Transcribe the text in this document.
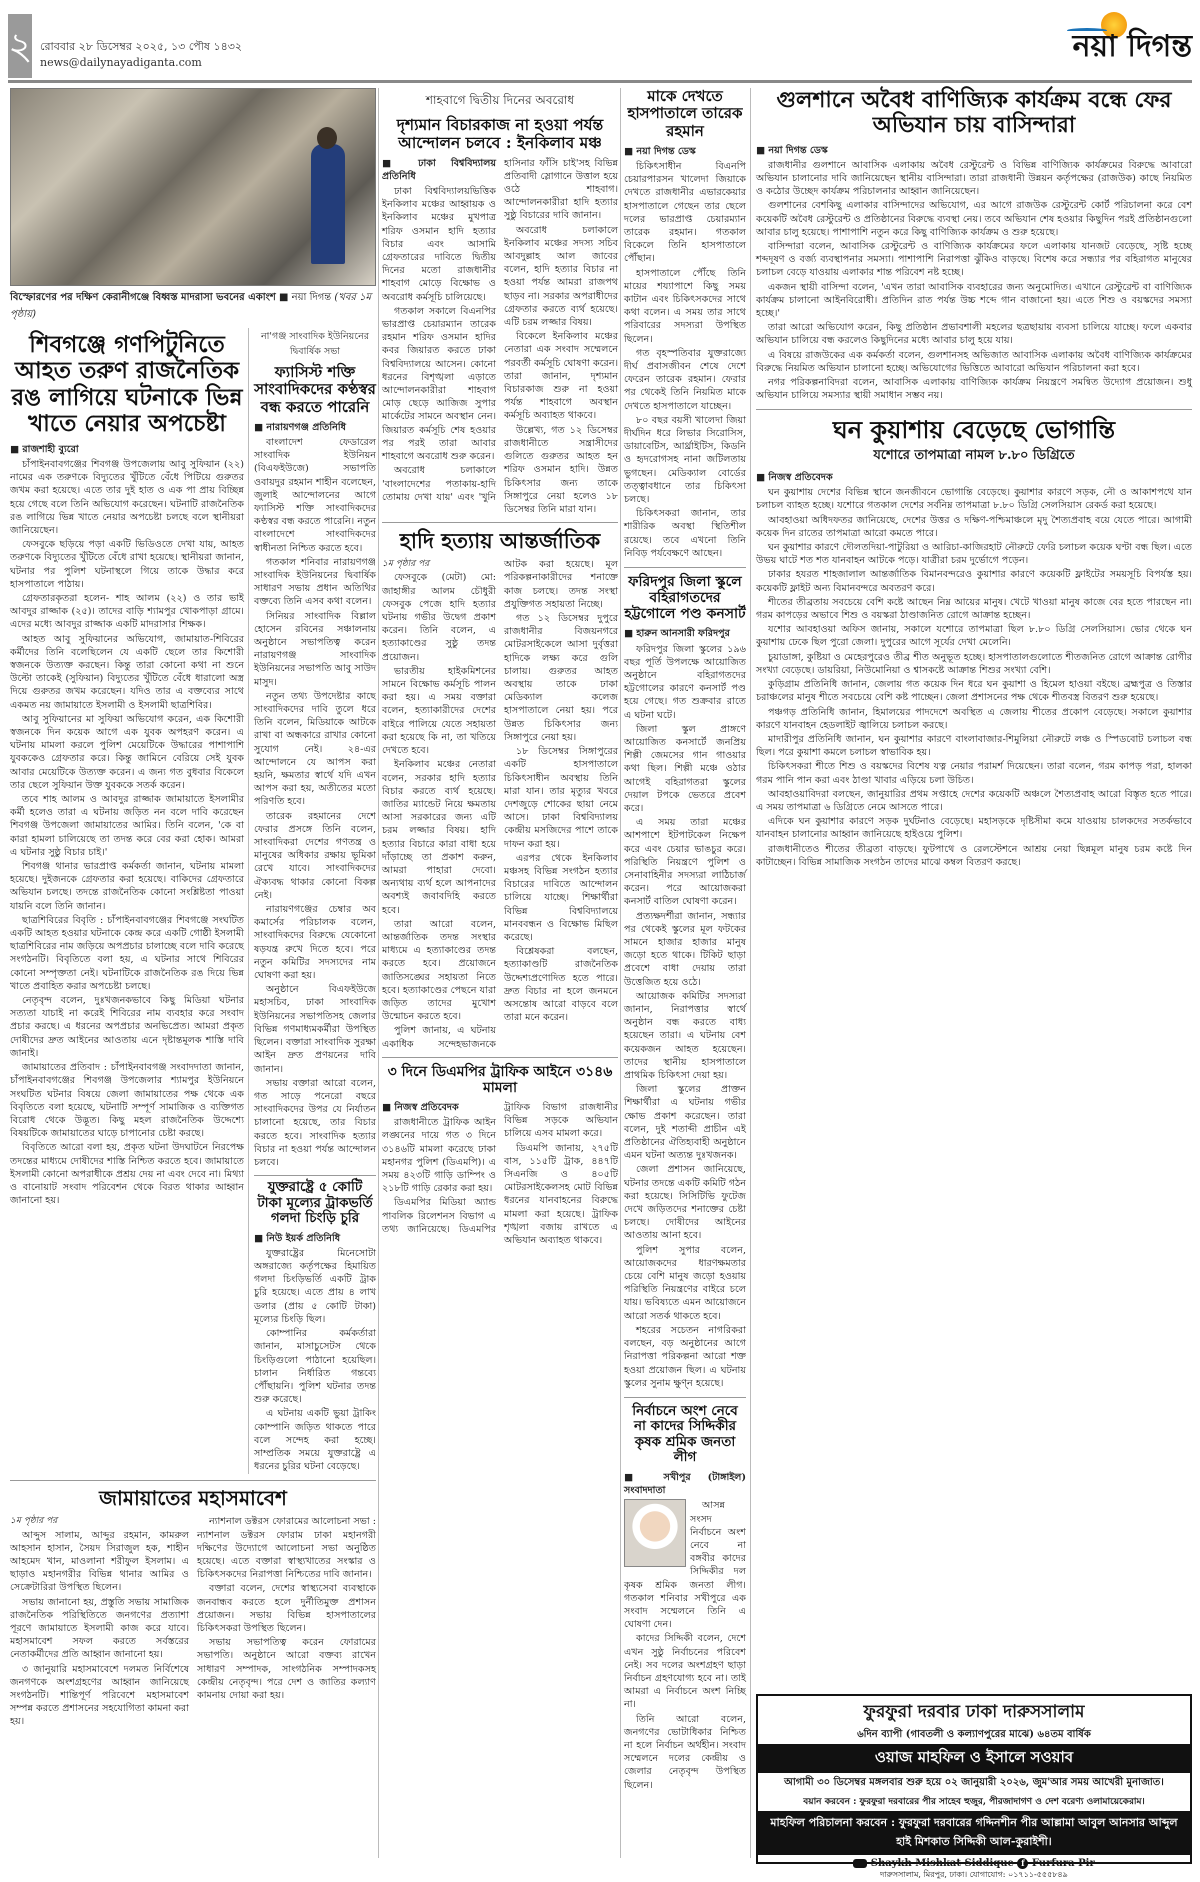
২ রোববার ২৮ ডিসেম্বর ২০২৫, ১৩ পৌষ ১৪৩২
news@dailynayadiganta.com	নয়া দিগন্ত
বিস্ফোরণের পর দক্ষিণ কেরানীগঞ্জে বিধ্বস্ত মাদরাসা ভবনের একাংশ ■ নয়া দিগন্ত (খবর ১ম পৃষ্ঠায়)
শিবগঞ্জে গণপিটুনিতে আহত তরুণ রাজনৈতিক রঙ লাগিয়ে ঘটনাকে ভিন্ন খাতে নেয়ার অপচেষ্টা
■ রাজশাহী ব্যুরো

চাঁপাইনবাবগঞ্জের শিবগঞ্জ উপজেলায় আবু সুফিয়ান (২২) নামের এক তরুণকে বিদ্যুতের খুঁটিতে বেঁধে পিটিয়ে গুরুতর জখম করা হয়েছে। এতে তার দুই হাত ও এক পা প্রায় বিচ্ছিন্ন হয়ে গেছে বলে তিনি অভিযোগ করেছেন। ঘটনাটি রাজনৈতিক রঙ লাগিয়ে ভিন্ন খাতে নেয়ার অপচেষ্টা চলছে বলে স্থানীয়রা জানিয়েছেন।

ফেসবুকে ছড়িয়ে পড়া একটি ভিডিওতে দেখা যায়, আহত তরুণকে বিদ্যুতের খুঁটিতে বেঁধে রাখা হয়েছে। স্থানীয়রা জানান, ঘটনার পর পুলিশ ঘটনাস্থলে গিয়ে তাকে উদ্ধার করে হাসপাতালে পাঠায়।

গ্রেফতারকৃতরা হলেন- শাহ আলম (২২) ও তার ভাই আবদুর রাজ্জাক (২৫)। তাদের বাড়ি শ্যামপুর খোকপাড়া গ্রামে। এদের মধ্যে আবদুর রাজ্জাক একটি মাদরাসার শিক্ষক।

আহত আবু সুফিয়ানের অভিযোগ, জামায়াত-শিবিরের কর্মীদের তিনি বলেছিলেন যে একটি ছেলে তার কিশোরী স্বজনকে উত্যক্ত করছেন। কিন্তু তারা কোনো কথা না শুনে উল্টো তাকেই (সুফিয়ান) বিদ্যুতের খুঁটিতে বেঁধে ধারালো অস্ত্র দিয়ে গুরুতর জখম করেছেন। যদিও তার এ বক্তব্যের সাথে একমত নয় জামায়াতে ইসলামী ও ইসলামী ছাত্রশিবির।

আবু সুফিয়ানের মা সুফিয়া অভিযোগ করেন, এক কিশোরী স্বজনকে দিন কয়েক আগে এক যুবক অপহরণ করেন। এ ঘটনায় মামলা করলে পুলিশ মেয়েটিকে উদ্ধারের পাশাপাশি যুবককেও গ্রেফতার করে। কিন্তু জামিনে বেরিয়ে সেই যুবক আবার মেয়েটিকে উত্যক্ত করেন। এ জন্য গত বুধবার বিকেলে তার ছেলে সুফিয়ান উক্ত যুবককে সতর্ক করেন।

তবে শাহ আলম ও আবদুর রাজ্জাক জামায়াতে ইসলামীর কর্মী হলেও তারা এ ঘটনায় জড়িত নন বলে দাবি করেছেন শিবগঞ্জ উপজেলা জামায়াতের আমির। তিনি বলেন, 'কে বা কারা হামলা চালিয়েছে তা তদন্ত করে বের করা হোক। আমরা এ ঘটনার সুষ্ঠু বিচার চাই।'

শিবগঞ্জ থানার ভারপ্রাপ্ত কর্মকর্তা জানান, ঘটনায় মামলা হয়েছে। দুইজনকে গ্রেফতার করা হয়েছে। বাকিদের গ্রেফতারে অভিযান চলছে। তদন্তে রাজনৈতিক কোনো সংশ্লিষ্টতা পাওয়া যায়নি বলে তিনি জানান।

ছাত্রশিবিরের বিবৃতি : চাঁপাইনবাবগঞ্জের শিবগঞ্জে সংঘটিত একটি আহত হওয়ার ঘটনাকে কেন্দ্র করে একটি গোষ্ঠী ইসলামী ছাত্রশিবিরের নাম জড়িয়ে অপপ্রচার চালাচ্ছে বলে দাবি করেছে সংগঠনটি। বিবৃতিতে বলা হয়, এ ঘটনার সাথে শিবিরের কোনো সম্পৃক্ততা নেই। ঘটনাটিকে রাজনৈতিক রঙ দিয়ে ভিন্ন খাতে প্রবাহিত করার অপচেষ্টা চলছে।

নেতৃবৃন্দ বলেন, দুঃখজনকভাবে কিছু মিডিয়া ঘটনার সত্যতা যাচাই না করেই শিবিরের নাম ব্যবহার করে সংবাদ প্রচার করছে। এ ধরনের অপপ্রচার অনভিপ্রেত। আমরা প্রকৃত দোষীদের দ্রুত আইনের আওতায় এনে দৃষ্টান্তমূলক শাস্তি দাবি জানাই।

জামায়াতের প্রতিবাদ : চাঁপাইনবাবগঞ্জ সংবাদদাতা জানান, চাঁপাইনবাবগঞ্জের শিবগঞ্জ উপজেলার শ্যামপুর ইউনিয়নে সংঘটিত ঘটনার বিষয়ে জেলা জামায়াতের পক্ষ থেকে এক বিবৃতিতে বলা হয়েছে, ঘটনাটি সম্পূর্ণ সামাজিক ও ব্যক্তিগত বিরোধ থেকে উদ্ভূত। কিছু মহল রাজনৈতিক উদ্দেশ্যে বিষয়টিকে জামায়াতের ঘাড়ে চাপানোর চেষ্টা করছে।

বিবৃতিতে আরো বলা হয়, প্রকৃত ঘটনা উদঘাটনে নিরপেক্ষ তদন্তের মাধ্যমে দোষীদের শাস্তি নিশ্চিত করতে হবে। জামায়াতে ইসলামী কোনো অপরাধীকে প্রশ্রয় দেয় না এবং দেবে না। মিথ্যা ও বানোয়াট সংবাদ পরিবেশন থেকে বিরত থাকার আহ্বান জানানো হয়।

না'গঞ্জ সাংবাদিক ইউনিয়নের দ্বিবার্ষিক সভা
ফ্যাসিস্ট শক্তি সাংবাদিকদের কণ্ঠস্বর বন্ধ করতে পারেনি
■ নারায়ণগঞ্জ প্রতিনিধি

বাংলাদেশ ফেডারেল সাংবাদিক ইউনিয়ন (বিএফইউজে) সভাপতি ওবায়দুর রহমান শাহীন বলেছেন, জুলাই আন্দোলনের আগে ফ্যাসিস্ট শক্তি সাংবাদিকদের কণ্ঠস্বর বন্ধ করতে পারেনি। নতুন বাংলাদেশে সাংবাদিকদের স্বাধীনতা নিশ্চিত করতে হবে।

গতকাল শনিবার নারায়ণগঞ্জ সাংবাদিক ইউনিয়নের দ্বিবার্ষিক সাধারণ সভায় প্রধান অতিথির বক্তব্যে তিনি এসব কথা বলেন।

সিনিয়র সাংবাদিক বিল্লাল হোসেন রবিনের সঞ্চালনায় অনুষ্ঠানে সভাপতিত্ব করেন নারায়ণগঞ্জ সাংবাদিক ইউনিয়নের সভাপতি আবু সাউদ মাসুদ।

নতুন তথ্য উপদেষ্টার কাছে সাংবাদিকদের দাবি তুলে ধরে তিনি বলেন, মিডিয়াকে আটকে রাখা বা অন্ধকারে রাখার কোনো সুযোগ নেই। ২৪-এর আন্দোলনে যে আপস করা হয়নি, ক্ষমতার স্বার্থে যদি এখন আপস করা হয়, অতীতের মতো পরিণতি হবে।

তারেক রহমানের দেশে ফেরার প্রসঙ্গে তিনি বলেন, সাংবাদিকরা দেশের গণতন্ত্র ও মানুষের অধিকার রক্ষায় ভূমিকা রেখে যাবে। সাংবাদিকদের ঐক্যবদ্ধ থাকার কোনো বিকল্প নেই।

নারায়ণগঞ্জের চেম্বার অব কমার্সের পরিচালক বলেন, সাংবাদিকদের বিরুদ্ধে যেকোনো ষড়যন্ত্র রুখে দিতে হবে। পরে নতুন কমিটির সদস্যদের নাম ঘোষণা করা হয়।

অনুষ্ঠানে বিএফইউজে মহাসচিব, ঢাকা সাংবাদিক ইউনিয়নের সভাপতিসহ জেলার বিভিন্ন গণমাধ্যমকর্মীরা উপস্থিত ছিলেন। বক্তারা সাংবাদিক সুরক্ষা আইন দ্রুত প্রণয়নের দাবি জানান।

সভায় বক্তারা আরো বলেন, গত সাড়ে পনেরো বছরে সাংবাদিকদের উপর যে নির্যাতন চালানো হয়েছে, তার বিচার করতে হবে। সাংবাদিক হত্যার বিচার না হওয়া পর্যন্ত আন্দোলন চলবে।

যুক্তরাষ্ট্রে ৫ কোটি টাকা মূল্যের ট্রাকভর্তি গলদা চিংড়ি চুরি
■ নিউ ইয়র্ক প্রতিনিধি

যুক্তরাষ্ট্রের মিনেসোটা অঙ্গরাজ্যে কর্তৃপক্ষের হিমায়িত গলদা চিংড়িভর্তি একটি ট্রাক চুরি হয়েছে। এতে প্রায় ৪ লাখ ডলার (প্রায় ৫ কোটি টাকা) মূল্যের চিংড়ি ছিল।

কোম্পানির কর্মকর্তারা জানান, মাসাচুসেটস থেকে চিংড়িগুলো পাঠানো হয়েছিল। চালান নির্ধারিত গন্তব্যে পৌঁছায়নি। পুলিশ ঘটনার তদন্ত শুরু করেছে।

এ ঘটনায় একটি ভুয়া ট্রাকিং কোম্পানি জড়িত থাকতে পারে বলে সন্দেহ করা হচ্ছে। সাম্প্রতিক সময়ে যুক্তরাষ্ট্রে এ ধরনের চুরির ঘটনা বেড়েছে।

জামায়াতের মহাসমাবেশ
১ম পৃষ্ঠার পর

আব্দুস সালাম, আব্দুর রহমান, কামরুল আহসান হাসান, সৈয়দ সিরাজুল হক, শাহীন আহমেদ খান, মাওলানা শরীফুল ইসলাম। এ ছাড়াও মহানগরীর বিভিন্ন থানার আমির ও সেক্রেটারিরা উপস্থিত ছিলেন।

সভায় জানানো হয়, প্রস্তুতি সভায় সামাজিক রাজনৈতিক পরিস্থিতিতে জনগণের প্রত্যাশা পূরণে জামায়াতে ইসলামী কাজ করে যাবে। মহাসমাবেশ সফল করতে সর্বস্তরের নেতাকর্মীদের প্রতি আহ্বান জানানো হয়।

৩ জানুয়ারি মহাসমাবেশে দলমত নির্বিশেষে জনগণকে অংশগ্রহণের আহ্বান জানিয়েছে সংগঠনটি। শান্তিপূর্ণ পরিবেশে মহাসমাবেশ সম্পন্ন করতে প্রশাসনের সহযোগিতা কামনা করা হয়।

ন্যাশনাল ডক্টরস ফোরামের আলোচনা সভা : ন্যাশনাল ডক্টরস ফোরাম ঢাকা মহানগরী দক্ষিণের উদ্যোগে আলোচনা সভা অনুষ্ঠিত হয়েছে। এতে বক্তারা স্বাস্থ্যখাতের সংস্কার ও চিকিৎসকদের নিরাপত্তা নিশ্চিতের দাবি জানান।

বক্তারা বলেন, দেশের স্বাস্থ্যসেবা ব্যবস্থাকে জনবান্ধব করতে হলে দুর্নীতিমুক্ত প্রশাসন প্রয়োজন। সভায় বিভিন্ন হাসপাতালের চিকিৎসকরা উপস্থিত ছিলেন।

সভায় সভাপতিত্ব করেন ফোরামের সভাপতি। অনুষ্ঠানে আরো বক্তব্য রাখেন সাধারণ সম্পাদক, সাংগঠনিক সম্পাদকসহ কেন্দ্রীয় নেতৃবৃন্দ। পরে দেশ ও জাতির কল্যাণ কামনায় দোয়া করা হয়।

শাহবাগে দ্বিতীয় দিনের অবরোধ
দৃশ্যমান বিচারকাজ না হওয়া পর্যন্ত আন্দোলন চলবে : ইনকিলাব মঞ্চ
■ ঢাকা বিশ্ববিদ্যালয় প্রতিনিধি

ঢাকা বিশ্ববিদ্যালয়ভিত্তিক ইনকিলাব মঞ্চের আহ্বায়ক ও ইনকিলাব মঞ্চের মুখপাত্র শরিফ ওসমান হাদি হত্যার বিচার এবং আসামি গ্রেফতারের দাবিতে দ্বিতীয় দিনের মতো রাজধানীর শাহবাগ মোড়ে বিক্ষোভ ও অবরোধ কর্মসূচি চালিয়েছে।

গতকাল সকালে বিএনপির ভারপ্রাপ্ত চেয়ারম্যান তারেক রহমান শরিফ ওসমান হাদির কবর জিয়ারত করতে ঢাকা বিশ্ববিদ্যালয়ে আসেন। কোনো ধরনের বিশৃঙ্খলা এড়াতে আন্দোলনকারীরা শাহবাগ মোড় ছেড়ে আজিজ সুপার মার্কেটের সামনে অবস্থান নেন। জিয়ারত কর্মসূচি শেষ হওয়ার পর পরই তারা আবার শাহবাগে অবরোধ শুরু করেন।

অবরোধ চলাকালে 'বাংলাদেশের পতাকায়-হাদি তোমায় দেখা যায়' এবং 'খুনি হাসিনার ফাঁসি চাই'সহ বিভিন্ন প্রতিবাদী স্লোগানে উত্তাল হয়ে ওঠে শাহবাগ। আন্দোলনকারীরা হাদি হত্যার সুষ্ঠু বিচারের দাবি জানান।

অবরোধ চলাকালে ইনকিলাব মঞ্চের সদস্য সচিব আবদুল্লাহ আল জাবের বলেন, হাদি হত্যার বিচার না হওয়া পর্যন্ত আমরা রাজপথ ছাড়ব না। সরকার অপরাধীদের গ্রেফতার করতে ব্যর্থ হয়েছে। এটি চরম লজ্জার বিষয়।

বিকেলে ইনকিলাব মঞ্চের নেতারা এক সংবাদ সম্মেলনে পরবর্তী কর্মসূচি ঘোষণা করেন। তারা জানান, দৃশ্যমান বিচারকাজ শুরু না হওয়া পর্যন্ত শাহবাগে অবস্থান কর্মসূচি অব্যাহত থাকবে।

উল্লেখ্য, গত ১২ ডিসেম্বর রাজধানীতে সন্ত্রাসীদের গুলিতে গুরুতর আহত হন শরিফ ওসমান হাদি। উন্নত চিকিৎসার জন্য তাকে সিঙ্গাপুরে নেয়া হলেও ১৮ ডিসেম্বর তিনি মারা যান।

হাদি হত্যায় আন্তর্জাতিক
১ম পৃষ্ঠার পর

ফেসবুকে (মেটা) মো: জাহাঙ্গীর আলম চৌধুরী ফেসবুক পেজে হাদি হত্যার ঘটনায় গভীর উদ্বেগ প্রকাশ করেন। তিনি বলেন, এ হত্যাকাণ্ডের সুষ্ঠু তদন্ত প্রয়োজন।

ভারতীয় হাইকমিশনের সামনে বিক্ষোভ কর্মসূচি পালন করা হয়। এ সময় বক্তারা বলেন, হত্যাকারীদের দেশের বাইরে পালিয়ে যেতে সহায়তা করা হয়েছে কি না, তা খতিয়ে দেখতে হবে।

ইনকিলাব মঞ্চের নেতারা বলেন, সরকার হাদি হত্যার বিচার করতে ব্যর্থ হয়েছে। জাতির ম্যান্ডেট নিয়ে ক্ষমতায় আসা সরকারের জন্য এটি চরম লজ্জার বিষয়। হাদি হত্যার বিচারে কারা বাধা হয়ে দাঁড়াচ্ছে তা প্রকাশ করুন, আমরা পাহারা দেবো। অন্যথায় ব্যর্থ হলে আপনাদের অবশ্যই জবাবদিহি করতে হবে।

তারা আরো বলেন, আন্তর্জাতিক তদন্ত সংস্থার মাধ্যমে এ হত্যাকাণ্ডের তদন্ত করতে হবে। প্রয়োজনে জাতিসঙ্ঘের সহায়তা নিতে হবে। হত্যাকাণ্ডের পেছনে যারা জড়িত তাদের মুখোশ উন্মোচন করতে হবে।

পুলিশ জানায়, এ ঘটনায় একাধিক সন্দেহভাজনকে আটক করা হয়েছে। মূল পরিকল্পনাকারীদের শনাক্তে কাজ চলছে। তদন্ত সংস্থা প্রযুক্তিগত সহায়তা নিচ্ছে।

গত ১২ ডিসেম্বর দুপুরে রাজধানীর বিজয়নগরে মোটরসাইকেলে আসা দুর্বৃত্তরা হাদিকে লক্ষ্য করে গুলি চালায়। গুরুতর আহত অবস্থায় তাকে ঢাকা মেডিক্যাল কলেজ হাসপাতালে নেয়া হয়। পরে উন্নত চিকিৎসার জন্য সিঙ্গাপুরে নেয়া হয়।

১৮ ডিসেম্বর সিঙ্গাপুরের একটি হাসপাতালে চিকিৎসাধীন অবস্থায় তিনি মারা যান। তার মৃত্যুর খবরে দেশজুড়ে শোকের ছায়া নেমে আসে। ঢাকা বিশ্ববিদ্যালয় কেন্দ্রীয় মসজিদের পাশে তাকে দাফন করা হয়।

এরপর থেকে ইনকিলাব মঞ্চসহ বিভিন্ন সংগঠন হত্যার বিচারের দাবিতে আন্দোলন চালিয়ে যাচ্ছে। শিক্ষার্থীরা বিভিন্ন বিশ্ববিদ্যালয়ে মানববন্ধন ও বিক্ষোভ মিছিল করেছে।

বিশ্লেষকরা বলছেন, হত্যাকাণ্ডটি রাজনৈতিক উদ্দেশ্যপ্রণোদিত হতে পারে। দ্রুত বিচার না হলে জনমনে অসন্তোষ আরো বাড়বে বলে তারা মনে করেন।

৩ দিনে ডিএমপির ট্রাফিক আইনে ৩১৪৬ মামলা
■ নিজস্ব প্রতিবেদক

রাজধানীতে ট্রাফিক আইন লঙ্ঘনের দায়ে গত ৩ দিনে ৩১৪৬টি মামলা করেছে ঢাকা মহানগর পুলিশ (ডিএমপি)। এ সময় ৪২৩টি গাড়ি ডাম্পিং ও ২১৮টি গাড়ি রেকার করা হয়।

ডিএমপির মিডিয়া অ্যান্ড পাবলিক রিলেশনস বিভাগ এ তথ্য জানিয়েছে। ডিএমপির ট্রাফিক বিভাগ রাজধানীর বিভিন্ন সড়কে অভিযান চালিয়ে এসব মামলা করে।

ডিএমপি জানায়, ২৭৫টি বাস, ১১৫টি ট্রাক, ৪৪৭টি সিএনজি ও ৪০৫টি মোটরসাইকেলসহ মোট বিভিন্ন ধরনের যানবাহনের বিরুদ্ধে মামলা করা হয়েছে। ট্রাফিক শৃঙ্খলা বজায় রাখতে এ অভিযান অব্যাহত থাকবে।

মাকে দেখতে হাসপাতালে তারেক রহমান
■ নয়া দিগন্ত ডেস্ক

চিকিৎসাধীন বিএনপি চেয়ারপারসন খালেদা জিয়াকে দেখতে রাজধানীর এভারকেয়ার হাসপাতালে গেছেন তার ছেলে দলের ভারপ্রাপ্ত চেয়ারম্যান তারেক রহমান। গতকাল বিকেলে তিনি হাসপাতালে পৌঁছান।

হাসপাতালে পৌঁছে তিনি মায়ের শয্যাপাশে কিছু সময় কাটান এবং চিকিৎসকদের সাথে কথা বলেন। এ সময় তার সাথে পরিবারের সদস্যরা উপস্থিত ছিলেন।

গত বৃহস্পতিবার যুক্তরাজ্যে দীর্ঘ প্রবাসজীবন শেষে দেশে ফেরেন তারেক রহমান। ফেরার পর থেকেই তিনি নিয়মিত মাকে দেখতে হাসপাতালে যাচ্ছেন।

৮০ বছর বয়সী খালেদা জিয়া দীর্ঘদিন ধরে লিভার সিরোসিস, ডায়াবেটিস, আর্থ্রাইটিস, কিডনি ও হৃদরোগসহ নানা জটিলতায় ভুগছেন। মেডিক্যাল বোর্ডের তত্ত্বাবধানে তার চিকিৎসা চলছে।

চিকিৎসকরা জানান, তার শারীরিক অবস্থা স্থিতিশীল রয়েছে। তবে এখনো তিনি নিবিড় পর্যবেক্ষণে আছেন।

ফরিদপুর জিলা স্কুলে বহিরাগতদের হট্টগোলে পণ্ড কনসার্ট
■ হারুন আনসারী ফরিদপুর

ফরিদপুর জিলা স্কুলের ১৯৬ বছর পূর্তি উপলক্ষে আয়োজিত অনুষ্ঠানে বহিরাগতদের হট্টগোলের কারণে কনসার্ট পণ্ড হয়ে গেছে। গত শুক্রবার রাতে এ ঘটনা ঘটে।

জিলা স্কুল প্রাঙ্গণে আয়োজিত কনসার্টে জনপ্রিয় শিল্পী জেমসের গান গাওয়ার কথা ছিল। শিল্পী মঞ্চে ওঠার আগেই বহিরাগতরা স্কুলের দেয়াল টপকে ভেতরে প্রবেশ করে।

এ সময় তারা মঞ্চের আশপাশে ইটপাটকেল নিক্ষেপ করে এবং চেয়ার ভাঙচুর করে। পরিস্থিতি নিয়ন্ত্রণে পুলিশ ও সেনাবাহিনীর সদস্যরা লাঠিচার্জ করেন। পরে আয়োজকরা কনসার্ট বাতিল ঘোষণা করেন।

প্রত্যক্ষদর্শীরা জানান, সন্ধ্যার পর থেকেই স্কুলের মূল ফটকের সামনে হাজার হাজার মানুষ জড়ো হতে থাকে। টিকিট ছাড়া প্রবেশে বাধা দেয়ায় তারা উত্তেজিত হয়ে ওঠে।

আয়োজক কমিটির সদস্যরা জানান, নিরাপত্তার স্বার্থে অনুষ্ঠান বন্ধ করতে বাধ্য হয়েছেন তারা। এ ঘটনায় বেশ কয়েকজন আহত হয়েছেন। তাদের স্থানীয় হাসপাতালে প্রাথমিক চিকিৎসা দেয়া হয়।

জিলা স্কুলের প্রাক্তন শিক্ষার্থীরা এ ঘটনায় গভীর ক্ষোভ প্রকাশ করেছেন। তারা বলেন, দুই শতাব্দী প্রাচীন এই প্রতিষ্ঠানের ঐতিহ্যবাহী অনুষ্ঠানে এমন ঘটনা অত্যন্ত দুঃখজনক।

জেলা প্রশাসন জানিয়েছে, ঘটনার তদন্তে একটি কমিটি গঠন করা হয়েছে। সিসিটিভি ফুটেজ দেখে জড়িতদের শনাক্তের চেষ্টা চলছে। দোষীদের আইনের আওতায় আনা হবে।

পুলিশ সুপার বলেন, আয়োজকদের ধারণক্ষমতার চেয়ে বেশি মানুষ জড়ো হওয়ায় পরিস্থিতি নিয়ন্ত্রণের বাইরে চলে যায়। ভবিষ্যতে এমন আয়োজনে আরো সতর্ক থাকতে হবে।

শহরের সচেতন নাগরিকরা বলছেন, বড় অনুষ্ঠানের আগে নিরাপত্তা পরিকল্পনা আরো শক্ত হওয়া প্রয়োজন ছিল। এ ঘটনায় স্কুলের সুনাম ক্ষুণ্ন হয়েছে।

নির্বাচনে অংশ নেবে না কাদের সিদ্দিকীর কৃষক শ্রমিক জনতা লীগ
■ সখীপুর (টাঙ্গাইল) সংবাদদাতা

আসন্ন সংসদ নির্বাচনে অংশ নেবে না বঙ্গবীর কাদের সিদ্দিকীর দল কৃষক শ্রমিক জনতা লীগ। গতকাল শনিবার সখীপুরে এক সংবাদ সম্মেলনে তিনি এ ঘোষণা দেন।

কাদের সিদ্দিকী বলেন, দেশে এখন সুষ্ঠু নির্বাচনের পরিবেশ নেই। সব দলের অংশগ্রহণ ছাড়া নির্বাচন গ্রহণযোগ্য হবে না। তাই আমরা এ নির্বাচনে অংশ নিচ্ছি না।

তিনি আরো বলেন, জনগণের ভোটাধিকার নিশ্চিত না হলে নির্বাচন অর্থহীন। সংবাদ সম্মেলনে দলের কেন্দ্রীয় ও জেলার নেতৃবৃন্দ উপস্থিত ছিলেন।

গুলশানে অবৈধ বাণিজ্যিক কার্যক্রম বন্ধে ফের অভিযান চায় বাসিন্দারা
■ নয়া দিগন্ত ডেস্ক

রাজধানীর গুলশানে আবাসিক এলাকায় অবৈধ রেস্টুরেন্ট ও বিভিন্ন বাণিজ্যিক কার্যক্রমের বিরুদ্ধে আবারো অভিযান চালানোর দাবি জানিয়েছেন স্থানীয় বাসিন্দারা। তারা রাজধানী উন্নয়ন কর্তৃপক্ষের (রাজউক) কাছে নিয়মিত ও কঠোর উচ্ছেদ কার্যক্রম পরিচালনার আহ্বান জানিয়েছেন।

গুলশানের বেশকিছু এলাকার বাসিন্দাদের অভিযোগ, এর আগে রাজউক রেস্টুরেন্ট কোর্ট পরিচালনা করে বেশ কয়েকটি অবৈধ রেস্টুরেন্ট ও প্রতিষ্ঠানের বিরুদ্ধে ব্যবস্থা নেয়। তবে অভিযান শেষ হওয়ার কিছুদিন পরই প্রতিষ্ঠানগুলো আবার চালু হয়েছে। পাশাপাশি নতুন করে কিছু বাণিজ্যিক কার্যক্রম ও শুরু হয়েছে।

বাসিন্দারা বলেন, আবাসিক রেস্টুরেন্ট ও বাণিজ্যিক কার্যক্রমের ফলে এলাকায় যানজট বেড়েছে, সৃষ্টি হচ্ছে শব্দদূষণ ও বর্জ্য ব্যবস্থাপনার সমস্যা। পাশাপাশি নিরাপত্তা ঝুঁকিও বাড়ছে। বিশেষ করে সন্ধ্যার পর বহিরাগত মানুষের চলাচল বেড়ে যাওয়ায় এলাকার শান্ত পরিবেশ নষ্ট হচ্ছে।

একজন স্থায়ী বাসিন্দা বলেন, 'এখন তারা আবাসিক ব্যবহারের জন্য অনুমোদিত। এখানে রেস্টুরেন্ট বা বাণিজ্যিক কার্যক্রম চালানো আইনবিরোধী। প্রতিদিন রাত পর্যন্ত উচ্চ শব্দে গান বাজানো হয়। এতে শিশু ও বয়স্কদের সমস্যা হচ্ছে।'

তারা আরো অভিযোগ করেন, কিছু প্রতিষ্ঠান প্রভাবশালী মহলের ছত্রছায়ায় ব্যবসা চালিয়ে যাচ্ছে। ফলে একবার অভিযান চালিয়ে বন্ধ করলেও কিছুদিনের মধ্যে আবার চালু হয়ে যায়।

এ বিষয়ে রাজউকের এক কর্মকর্তা বলেন, গুলশানসহ অভিজাত আবাসিক এলাকায় অবৈধ বাণিজ্যিক কার্যক্রমের বিরুদ্ধে নিয়মিত অভিযান চালানো হচ্ছে। অভিযোগের ভিত্তিতে আবারো অভিযান পরিচালনা করা হবে।

নগর পরিকল্পনাবিদরা বলেন, আবাসিক এলাকায় বাণিজ্যিক কার্যক্রম নিয়ন্ত্রণে সমন্বিত উদ্যোগ প্রয়োজন। শুধু অভিযান চালিয়ে সমস্যার স্থায়ী সমাধান সম্ভব নয়।

ঘন কুয়াশায় বেড়েছে ভোগান্তি
যশোরে তাপমাত্রা নামল ৮.৮০ ডিগ্রিতে
■ নিজস্ব প্রতিবেদক

ঘন কুয়াশায় দেশের বিভিন্ন স্থানে জনজীবনে ভোগান্তি বেড়েছে। কুয়াশার কারণে সড়ক, নৌ ও আকাশপথে যান চলাচল ব্যাহত হচ্ছে। যশোরে গতকাল দেশের সর্বনিম্ন তাপমাত্রা ৮.৮০ ডিগ্রি সেলসিয়াস রেকর্ড করা হয়েছে।

আবহাওয়া অধিদফতর জানিয়েছে, দেশের উত্তর ও দক্ষিণ-পশ্চিমাঞ্চলে মৃদু শৈত্যপ্রবাহ বয়ে যেতে পারে। আগামী কয়েক দিন রাতের তাপমাত্রা আরো কমতে পারে।

ঘন কুয়াশার কারণে দৌলতদিয়া-পাটুরিয়া ও আরিচা-কাজিরহাট নৌরুটে ফেরি চলাচল কয়েক ঘণ্টা বন্ধ ছিল। এতে উভয় ঘাটে শত শত যানবাহন আটকে পড়ে। যাত্রীরা চরম দুর্ভোগে পড়েন।

ঢাকার হযরত শাহজালাল আন্তর্জাতিক বিমানবন্দরেও কুয়াশার কারণে কয়েকটি ফ্লাইটের সময়সূচি বিপর্যস্ত হয়। কয়েকটি ফ্লাইট অন্য বিমানবন্দরে অবতরণ করে।

শীতের তীব্রতায় সবচেয়ে বেশি কষ্টে আছেন নিম্ন আয়ের মানুষ। খেটে খাওয়া মানুষ কাজে বের হতে পারছেন না। গরম কাপড়ের অভাবে শিশু ও বয়স্করা ঠাণ্ডাজনিত রোগে আক্রান্ত হচ্ছেন।

যশোর আবহাওয়া অফিস জানায়, সকালে যশোরে তাপমাত্রা ছিল ৮.৮০ ডিগ্রি সেলসিয়াস। ভোর থেকে ঘন কুয়াশায় ঢেকে ছিল পুরো জেলা। দুপুরের আগে সূর্যের দেখা মেলেনি।

চুয়াডাঙ্গা, কুষ্টিয়া ও মেহেরপুরেও তীব্র শীত অনুভূত হচ্ছে। হাসপাতালগুলোতে শীতজনিত রোগে আক্রান্ত রোগীর সংখ্যা বেড়েছে। ডায়রিয়া, নিউমোনিয়া ও শ্বাসকষ্টে আক্রান্ত শিশুর সংখ্যা বেশি।

কুড়িগ্রাম প্রতিনিধি জানান, জেলায় গত কয়েক দিন ধরে ঘন কুয়াশা ও হিমেল হাওয়া বইছে। ব্রহ্মপুত্র ও তিস্তার চরাঞ্চলের মানুষ শীতে সবচেয়ে বেশি কষ্ট পাচ্ছেন। জেলা প্রশাসনের পক্ষ থেকে শীতবস্ত্র বিতরণ শুরু হয়েছে।

পঞ্চগড় প্রতিনিধি জানান, হিমালয়ের পাদদেশে অবস্থিত এ জেলায় শীতের প্রকোপ বেড়েছে। সকালে কুয়াশার কারণে যানবাহন হেডলাইট জ্বালিয়ে চলাচল করছে।

মাদারীপুর প্রতিনিধি জানান, ঘন কুয়াশার কারণে বাংলাবাজার-শিমুলিয়া নৌরুটে লঞ্চ ও স্পিডবোট চলাচল বন্ধ ছিল। পরে কুয়াশা কমলে চলাচল স্বাভাবিক হয়।

চিকিৎসকরা শীতে শিশু ও বয়স্কদের বিশেষ যত্ন নেয়ার পরামর্শ দিয়েছেন। তারা বলেন, গরম কাপড় পরা, হালকা গরম পানি পান করা এবং ঠাণ্ডা খাবার এড়িয়ে চলা উচিত।

আবহাওয়াবিদরা বলছেন, জানুয়ারির প্রথম সপ্তাহে দেশের কয়েকটি অঞ্চলে শৈত্যপ্রবাহ আরো বিস্তৃত হতে পারে। এ সময় তাপমাত্রা ৬ ডিগ্রিতে নেমে আসতে পারে।

এদিকে ঘন কুয়াশার কারণে সড়ক দুর্ঘটনাও বেড়েছে। মহাসড়কে দৃষ্টিসীমা কমে যাওয়ায় চালকদের সতর্কভাবে যানবাহন চালানোর আহ্বান জানিয়েছে হাইওয়ে পুলিশ।

রাজধানীতেও শীতের তীব্রতা বাড়ছে। ফুটপাথে ও রেলস্টেশনে আশ্রয় নেয়া ছিন্নমূল মানুষ চরম কষ্টে দিন কাটাচ্ছেন। বিভিন্ন সামাজিক সংগঠন তাদের মাঝে কম্বল বিতরণ করছে।

ফুরফুরা দরবার ঢাকা দারুসসালাম
৬দিন ব্যাপী (গাবতলী ও কল্যাণপুরের মাঝে) ৬৪তম বার্ষিক
ওয়াজ মাহফিল ও ইসালে সওয়াব
আগামী ৩০ ডিসেম্বর মঙ্গলবার শুরু হয়ে ০২ জানুয়ারী ২০২৬, জুম'আর সময় আখেরী মুনাজাত।
বয়ান করবেন : ফুরফুরা দরবারের পীর সাহেব হুজুর, পীরজাদাগণ ও দেশ বরেণ্য ওলামায়েকেরাম।
মাহফিল পরিচালনা করবেন : ফুরফুরা দরবারের গদ্দিনশীন পীর আল্লামা আবুল আনসার আব্দুল হাই মিশকাত সিদ্দিকী আল-কুরাইশী।
Shaykh Mishkat Siddique f Furfura Pir
দারুসসালাম, মিরপুর, ঢাকা। যোগাযোগ: ০১৭১১-৫৫৫৮৪৯
